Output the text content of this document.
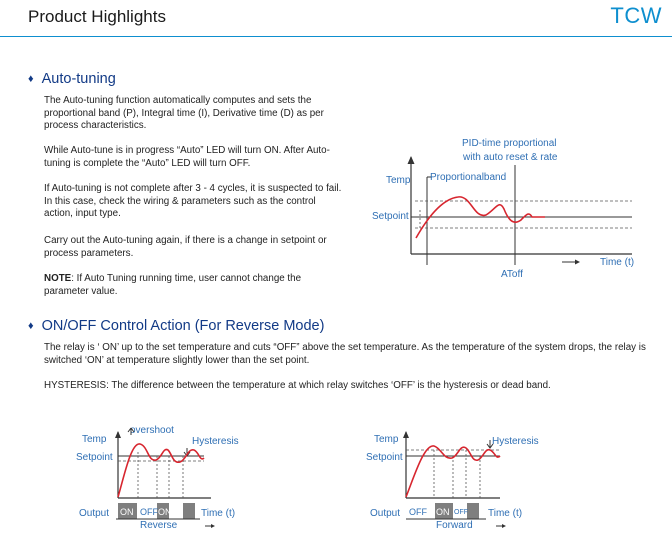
Product Highlights	TCW
♦ Auto-tuning

The Auto-tuning function automatically computes and sets the proportional band (P), Integral time (I), Derivative time (D) as per process characteristics.

While Auto-tune is in progress “Auto” LED will turn ON. After Auto-tuning is complete the “Auto” LED will turn OFF.

If Auto-tuning is not complete after 3 - 4 cycles, it is suspected to fail. In this case, check the wiring & parameters such as the control action, input type.

Carry out the Auto-tuning again, if there is a change in setpoint or process parameters.

NOTE: If Auto Tuning running time, user cannot change the parameter value.

PID-time proportional
with auto reset & rate
Temp Proportionalband
Setpoint
Time (t)
AToff
♦ ON/OFF Control Action (For Reverse Mode)

The relay is ‘ ON’ up to the set temperature and cuts “OFF” above the set temperature. As the temperature of the system drops, the relay is switched ‘ON’ at temperature slightly lower than the set point.

HYSTERESIS: The difference between the temperature at which relay switches ‘OFF’ is the hysteresis or dead band.

overshoot
Temp	Hysteresis
Setpoint
Output ON OFF ON	Time (t)
Reverse
Temp	Hysteresis
Setpoint
Output OFF ON OFF Time (t)
Forward
